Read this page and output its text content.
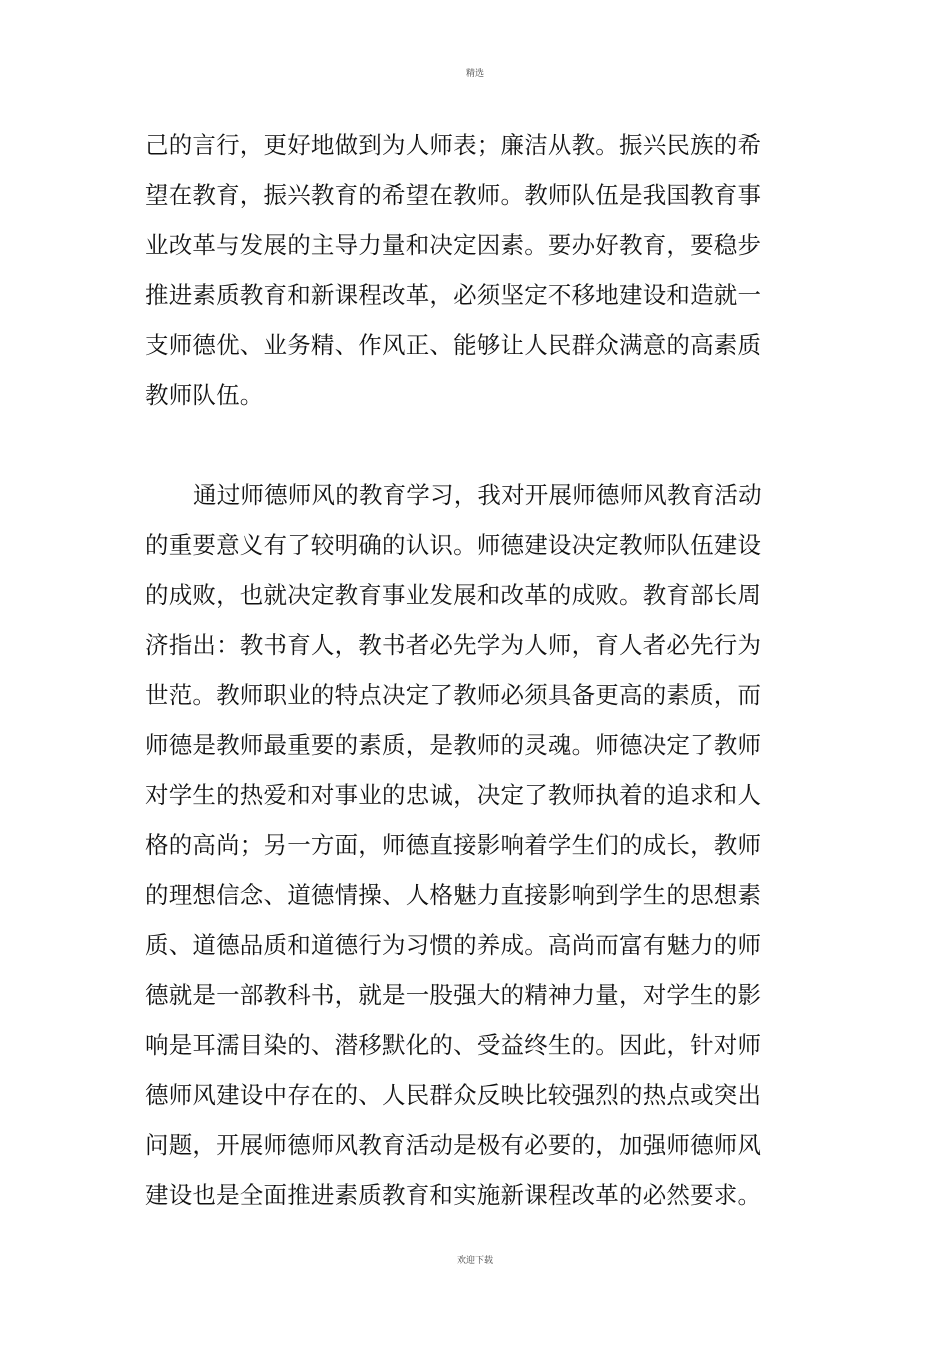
精选
己的言行，更好地做到为人师表；廉洁从教。振兴民族的希
望在教育，振兴教育的希望在教师。教师队伍是我国教育事
业改革与发展的主导力量和决定因素。要办好教育，要稳步
推进素质教育和新课程改革，必须坚定不移地建设和造就一
支师德优、业务精、作风正、能够让人民群众满意的高素质
教师队伍。
通过师德师风的教育学习，我对开展师德师风教育活动
的重要意义有了较明确的认识。师德建设决定教师队伍建设
的成败，也就决定教育事业发展和改革的成败。教育部长周
济指出：教书育人，教书者必先学为人师，育人者必先行为
世范。教师职业的特点决定了教师必须具备更高的素质，而
师德是教师最重要的素质，是教师的灵魂。师德决定了教师
对学生的热爱和对事业的忠诚，决定了教师执着的追求和人
格的高尚；另一方面，师德直接影响着学生们的成长，教师
的理想信念、道德情操、人格魅力直接影响到学生的思想素
质、道德品质和道德行为习惯的养成。高尚而富有魅力的师
德就是一部教科书，就是一股强大的精神力量，对学生的影
响是耳濡目染的、潜移默化的、受益终生的。因此，针对师
德师风建设中存在的、人民群众反映比较强烈的热点或突出
问题，开展师德师风教育活动是极有必要的，加强师德师风
建设也是全面推进素质教育和实施新课程改革的必然要求。
欢迎下载
